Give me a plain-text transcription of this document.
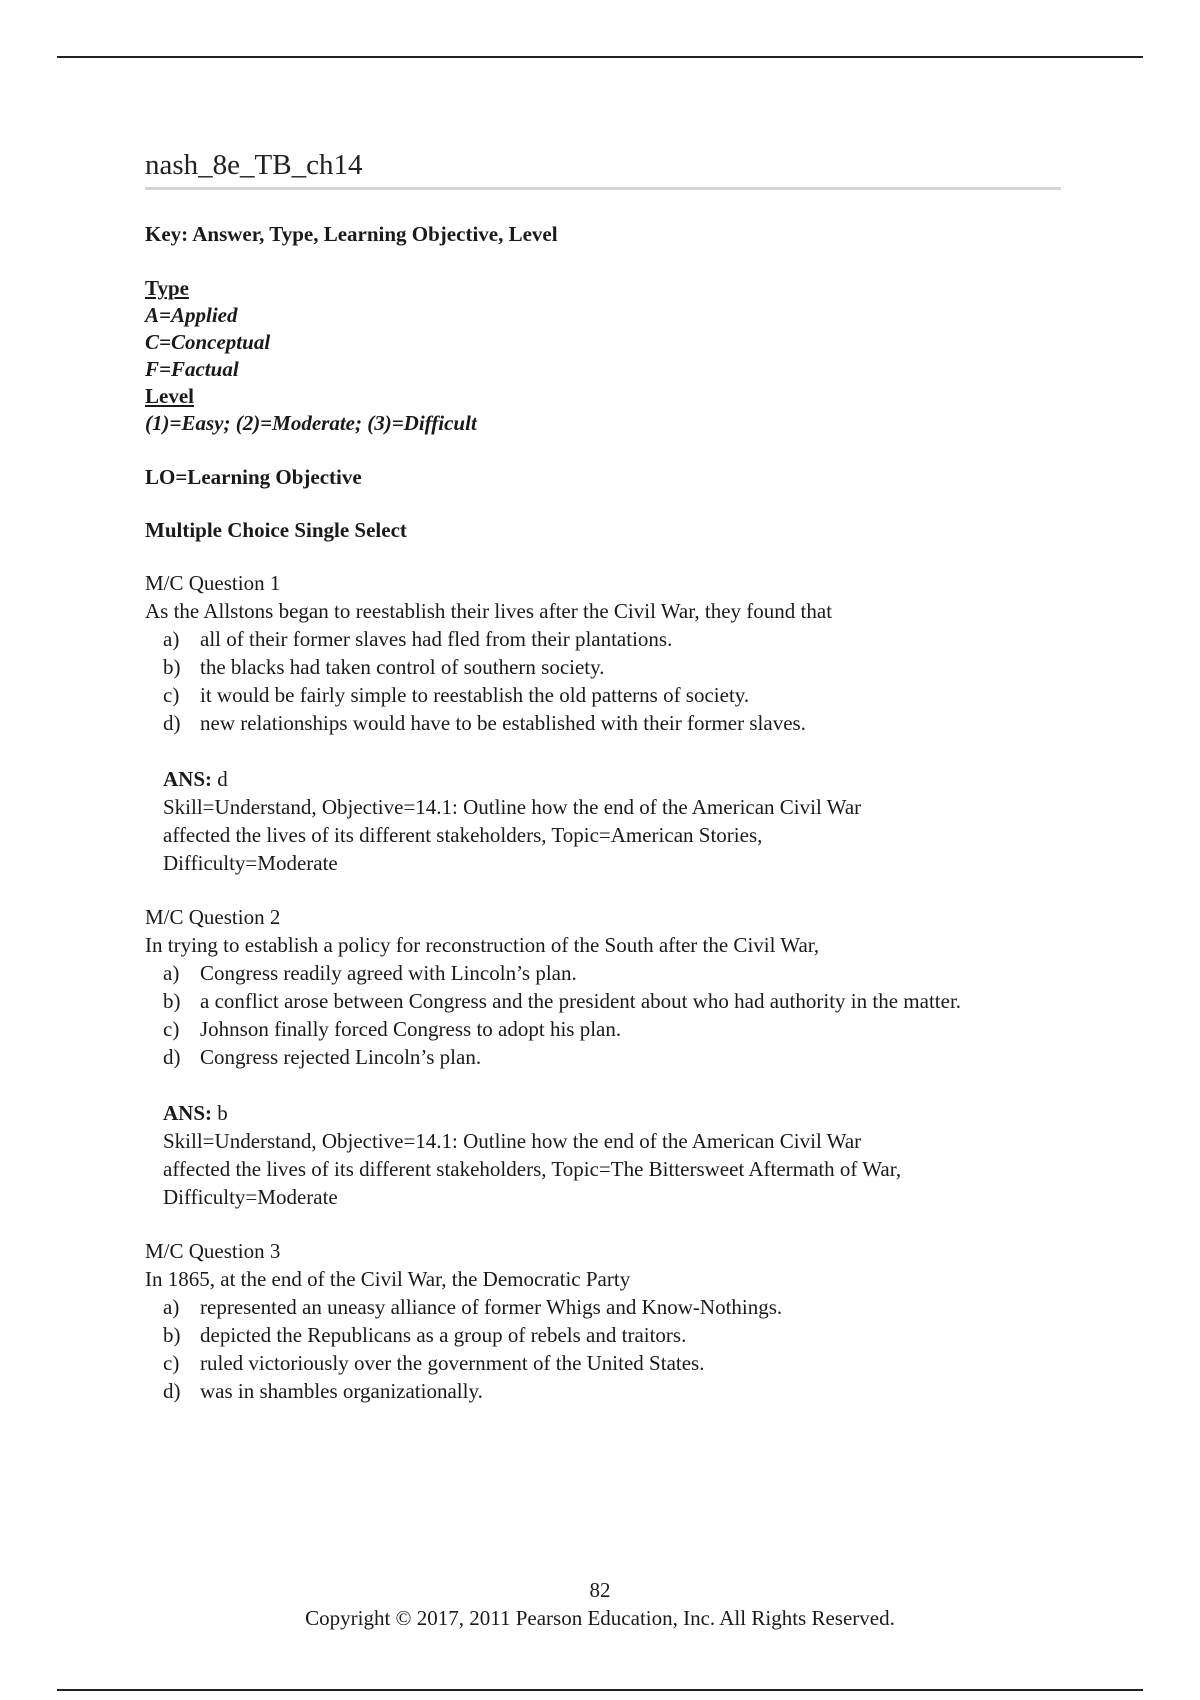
nash_8e_TB_ch14
Key: Answer, Type, Learning Objective, Level
Type
A=Applied
C=Conceptual
F=Factual
Level
(1)=Easy; (2)=Moderate; (3)=Difficult
LO=Learning Objective
Multiple Choice Single Select
M/C Question 1
As the Allstons began to reestablish their lives after the Civil War, they found that
a) all of their former slaves had fled from their plantations.
b) the blacks had taken control of southern society.
c) it would be fairly simple to reestablish the old patterns of society.
d) new relationships would have to be established with their former slaves.
ANS: d
Skill=Understand, Objective=14.1: Outline how the end of the American Civil War
affected the lives of its different stakeholders, Topic=American Stories,
Difficulty=Moderate
M/C Question 2
In trying to establish a policy for reconstruction of the South after the Civil War,
a) Congress readily agreed with Lincoln’s plan.
b) a conflict arose between Congress and the president about who had authority in the matter.
c) Johnson finally forced Congress to adopt his plan.
d) Congress rejected Lincoln’s plan.
ANS: b
Skill=Understand, Objective=14.1: Outline how the end of the American Civil War
affected the lives of its different stakeholders, Topic=The Bittersweet Aftermath of War,
Difficulty=Moderate
M/C Question 3
In 1865, at the end of the Civil War, the Democratic Party
a) represented an uneasy alliance of former Whigs and Know-Nothings.
b) depicted the Republicans as a group of rebels and traitors.
c) ruled victoriously over the government of the United States.
d) was in shambles organizationally.
82
Copyright © 2017, 2011 Pearson Education, Inc. All Rights Reserved.
